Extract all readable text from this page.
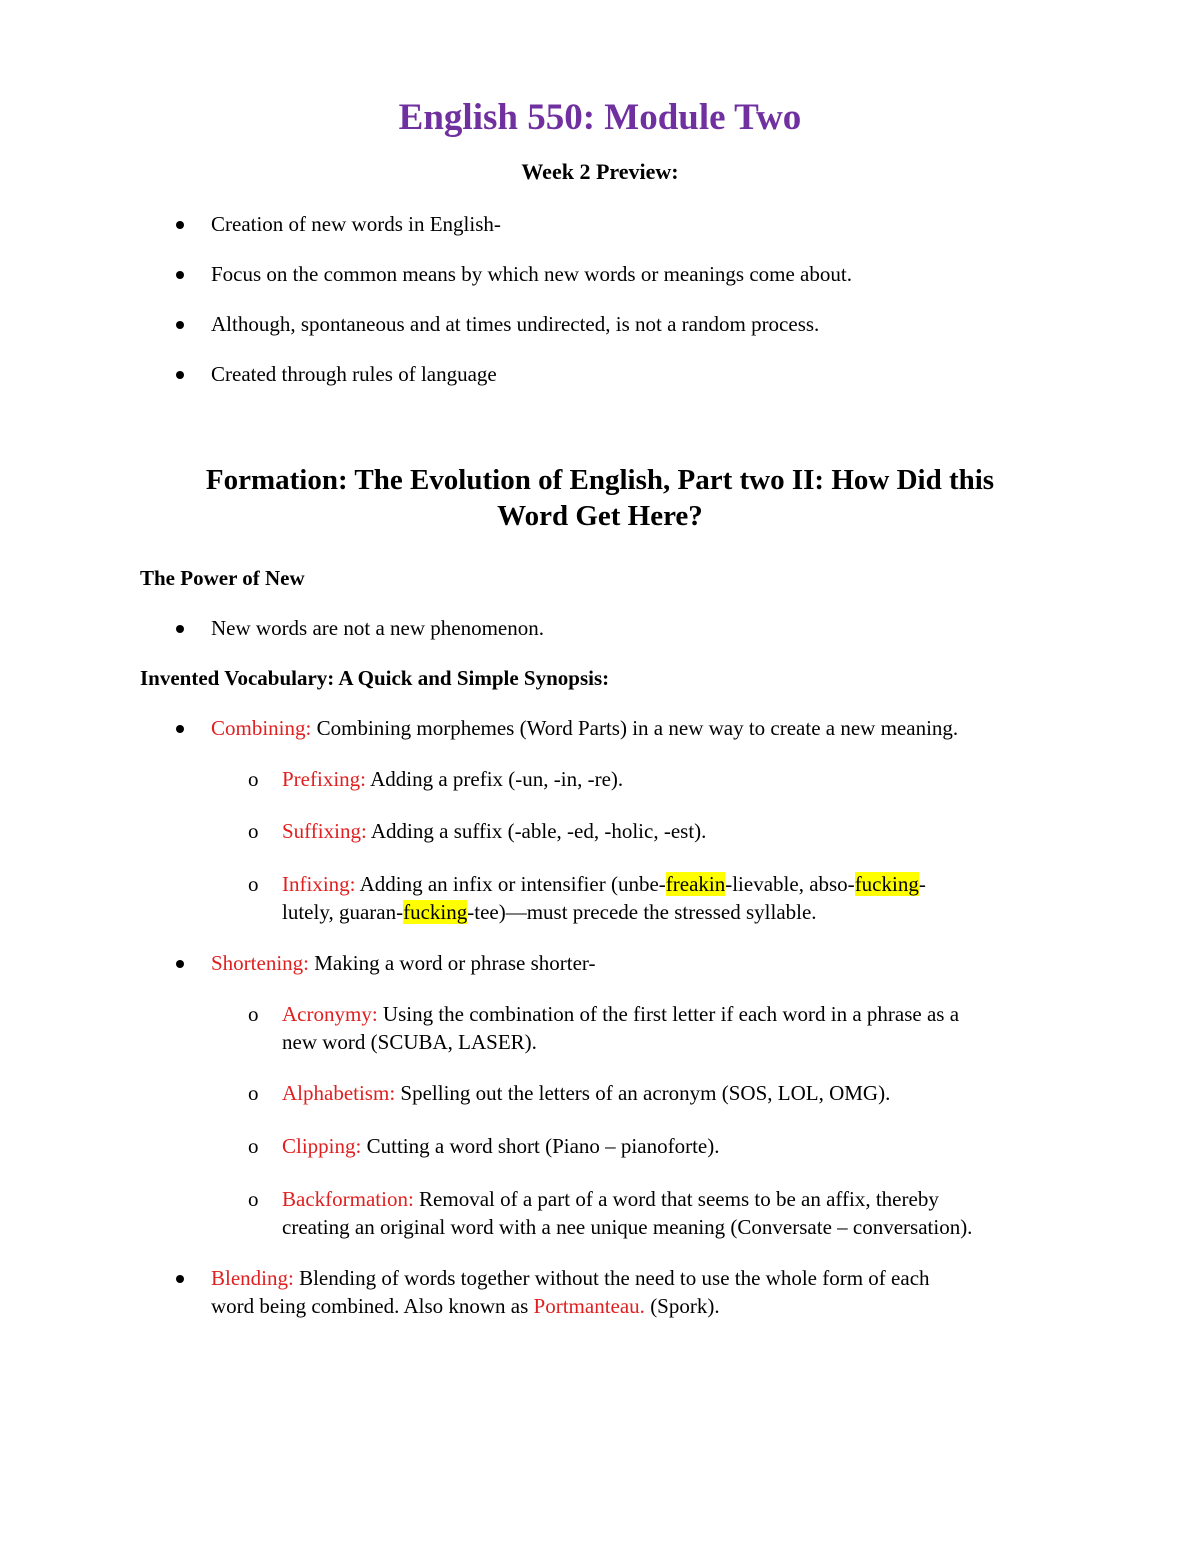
English 550: Module Two

Week 2 Preview:

Creation of new words in English-
Focus on the common means by which new words or meanings come about.
Although, spontaneous and at times undirected, is not a random process.
Created through rules of language
Formation: The Evolution of English, Part two II: How Did this
Word Get Here?

The Power of New

New words are not a new phenomenon.

Invented Vocabulary: A Quick and Simple Synopsis:

Combining: Combining morphemes (Word Parts) in a new way to create a new meaning.
o Prefixing: Adding a prefix (-un, -in, -re).
o Suffixing: Adding a suffix (-able, -ed, -holic, -est).
o Infixing: Adding an infix or intensifier (unbe-freakin-lievable, abso-fucking-
lutely, guaran-fucking-tee)—must precede the stressed syllable.
Shortening: Making a word or phrase shorter-
o Acronymy: Using the combination of the first letter if each word in a phrase as a
new word (SCUBA, LASER).
o Alphabetism: Spelling out the letters of an acronym (SOS, LOL, OMG).
o Clipping: Cutting a word short (Piano – pianoforte).
o Backformation: Removal of a part of a word that seems to be an affix, thereby
creating an original word with a nee unique meaning (Conversate – conversation).
Blending: Blending of words together without the need to use the whole form of each
word being combined. Also known as Portmanteau. (Spork).
